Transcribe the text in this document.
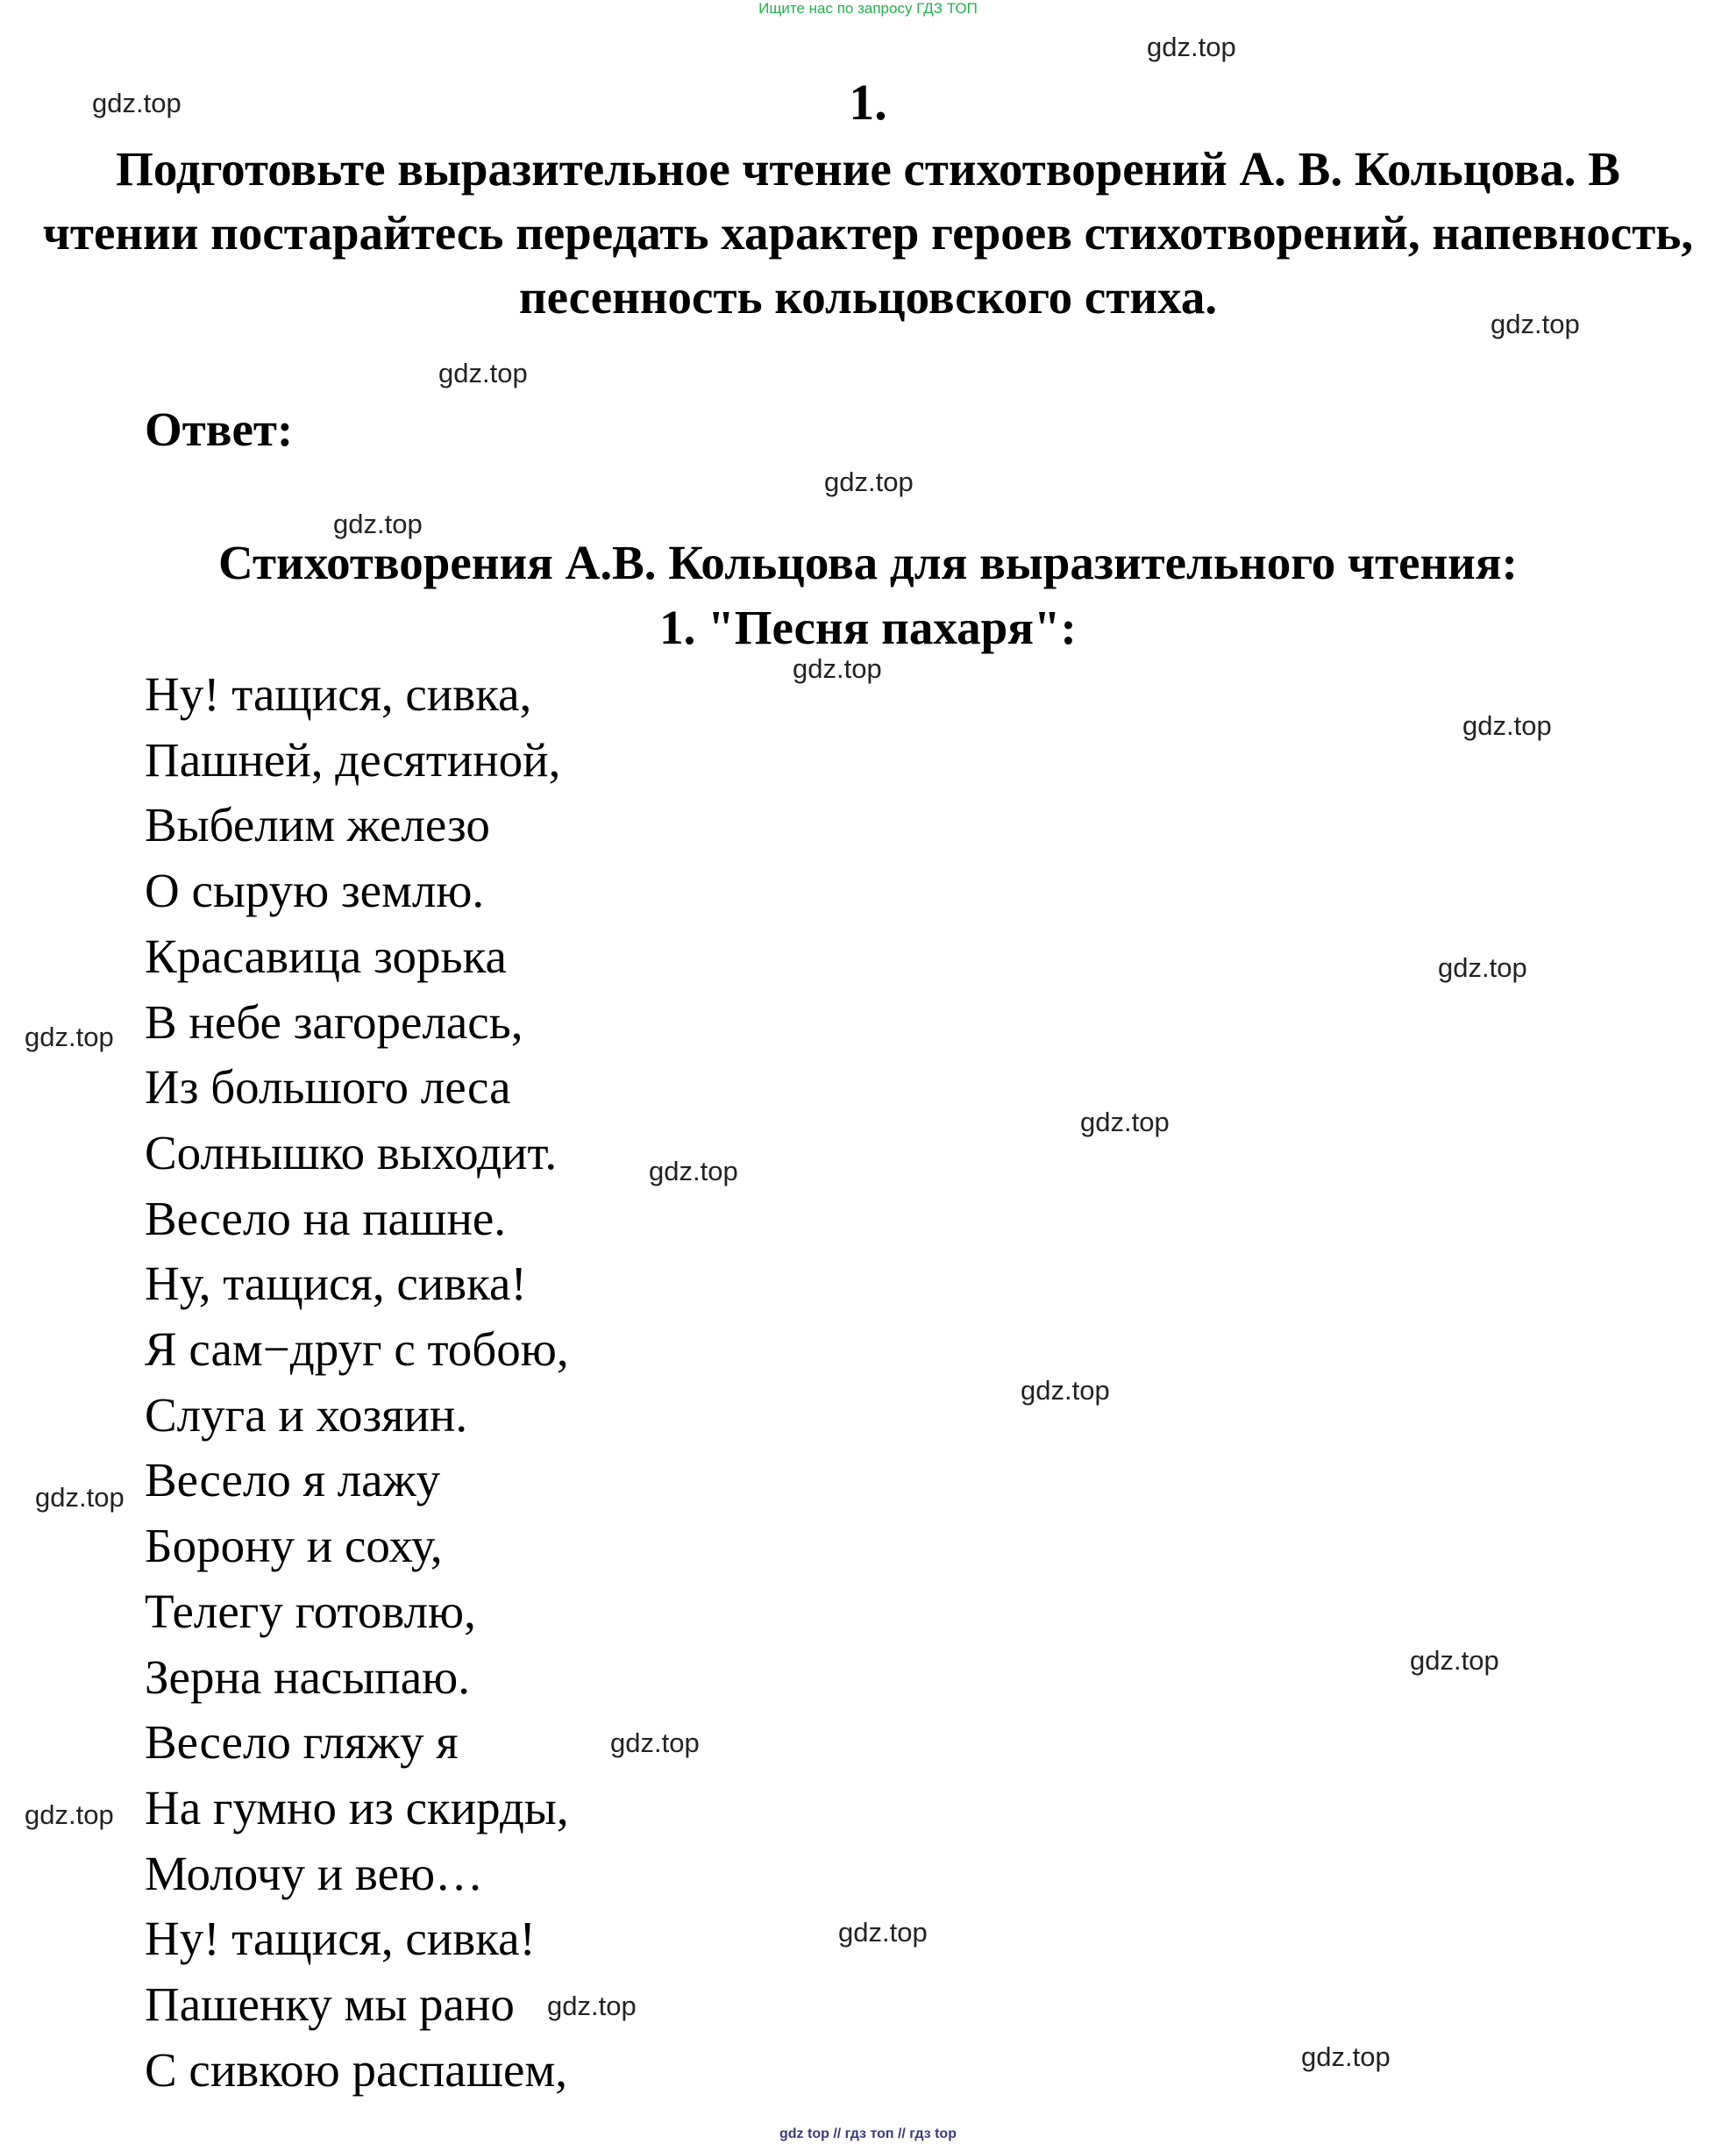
Ищите нас по запросу ГДЗ ТОП
1.
Подготовьте выразительное чтение стихотворений А. В. Кольцова. В чтении постарайтесь передать характер героев стихотворений, напевность, песенность кольцовского стиха.
Ответ:
Стихотворения А.В. Кольцова для выразительного чтения:
1. "Песня пахаря":
Ну! тащися, сивка,
Пашней, десятиной,
Выбелим железо
О сырую землю.
Красавица зорька
В небе загорелась,
Из большого леса
Солнышко выходит.
Весело на пашне.
Ну, тащися, сивка!
Я сам−друг с тобою,
Слуга и хозяин.
Весело я лажу
Борону и соху,
Телегу готовлю,
Зерна насыпаю.
Весело гляжу я
На гумно из скирды,
Молочу и вею…
Ну! тащися, сивка!
Пашенку мы рано
С сивкою распашем,
gdz.top
gdz.top
gdz.top
gdz.top
gdz.top
gdz.top
gdz.top
gdz.top
gdz.top
gdz.top
gdz.top
gdz.top
gdz.top
gdz.top
gdz.top
gdz.top
gdz.top
gdz.top
gdz.top
gdz.top
gdz top // гдз топ // гдз top
